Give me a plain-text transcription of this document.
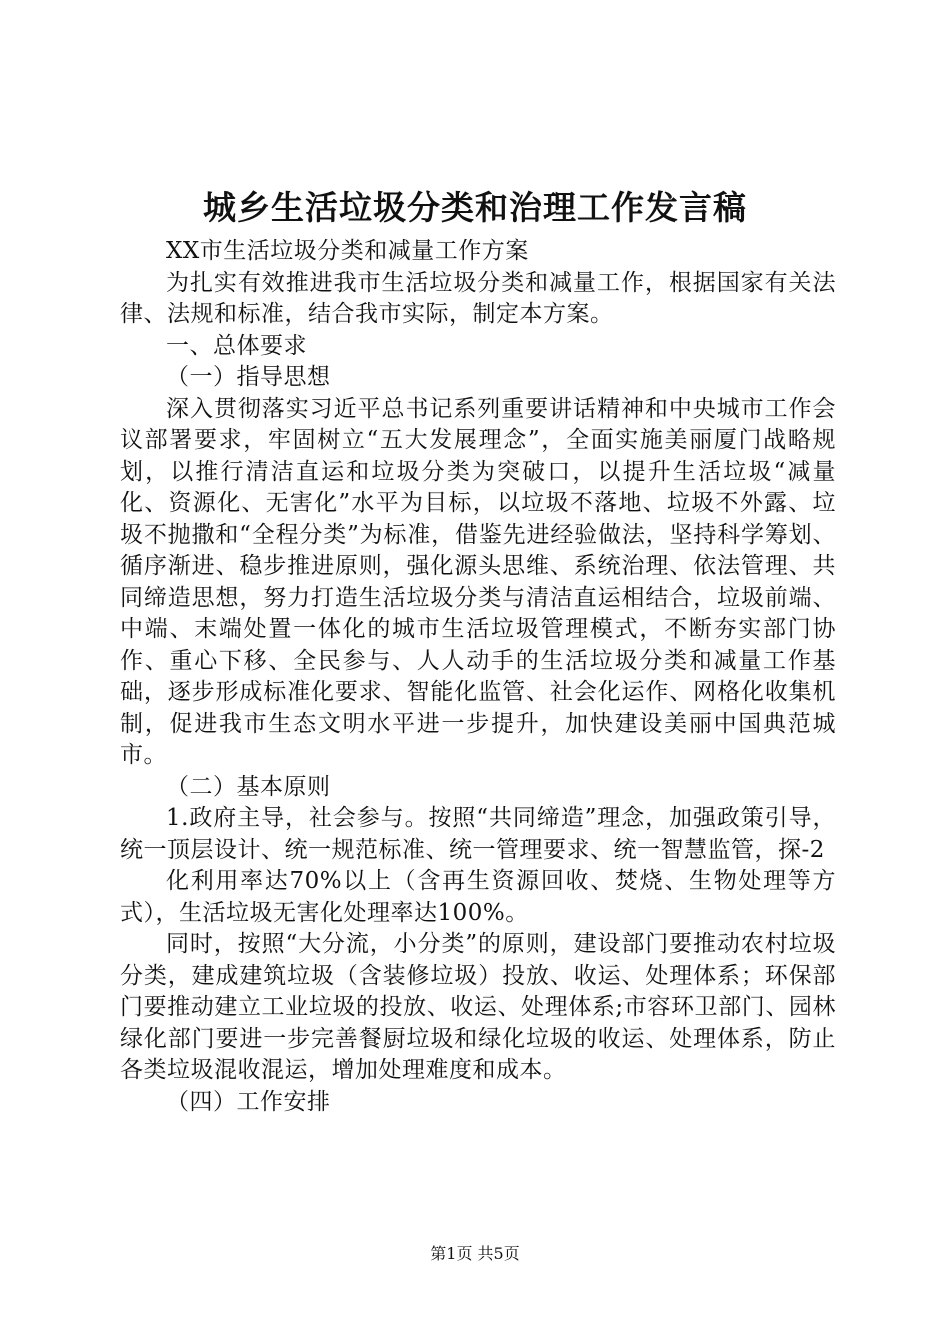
城乡生活垃圾分类和治理工作发言稿

XX市生活垃圾分类和减量工作方案

为扎实有效推进我市生活垃圾分类和减量工作，根据国家有关法律、法规和标准，结合我市实际，制定本方案。

一、总体要求

（一）指导思想

深入贯彻落实习近平总书记系列重要讲话精神和中央城市工作会议部署要求，牢固树立“五大发展理念”，全面实施美丽厦门战略规划，以推行清洁直运和垃圾分类为突破口，以提升生活垃圾“减量化、资源化、无害化”水平为目标，以垃圾不落地、垃圾不外露、垃圾不抛撒和“全程分类”为标准，借鉴先进经验做法，坚持科学筹划、循序渐进、稳步推进原则，强化源头思维、系统治理、依法管理、共同缔造思想，努力打造生活垃圾分类与清洁直运相结合，垃圾前端、中端、末端处置一体化的城市生活垃圾管理模式，不断夯实部门协作、重心下移、全民参与、人人动手的生活垃圾分类和减量工作基础，逐步形成标准化要求、智能化监管、社会化运作、网格化收集机制，促进我市生态文明水平进一步提升，加快建设美丽中国典范城市。

（二）基本原则

1.政府主导，社会参与。按照“共同缔造”理念，加强政策引导，统一顶层设计、统一规范标准、统一管理要求、统一智慧监管，探-2

化利用率达70%以上（含再生资源回收、焚烧、生物处理等方式），生活垃圾无害化处理率达100%。

同时，按照“大分流，小分类”的原则，建设部门要推动农村垃圾分类，建成建筑垃圾（含装修垃圾）投放、收运、处理体系；环保部门要推动建立工业垃圾的投放、收运、处理体系;市容环卫部门、园林绿化部门要进一步完善餐厨垃圾和绿化垃圾的收运、处理体系，防止各类垃圾混收混运，增加处理难度和成本。

（四）工作安排

第1页 共5页
